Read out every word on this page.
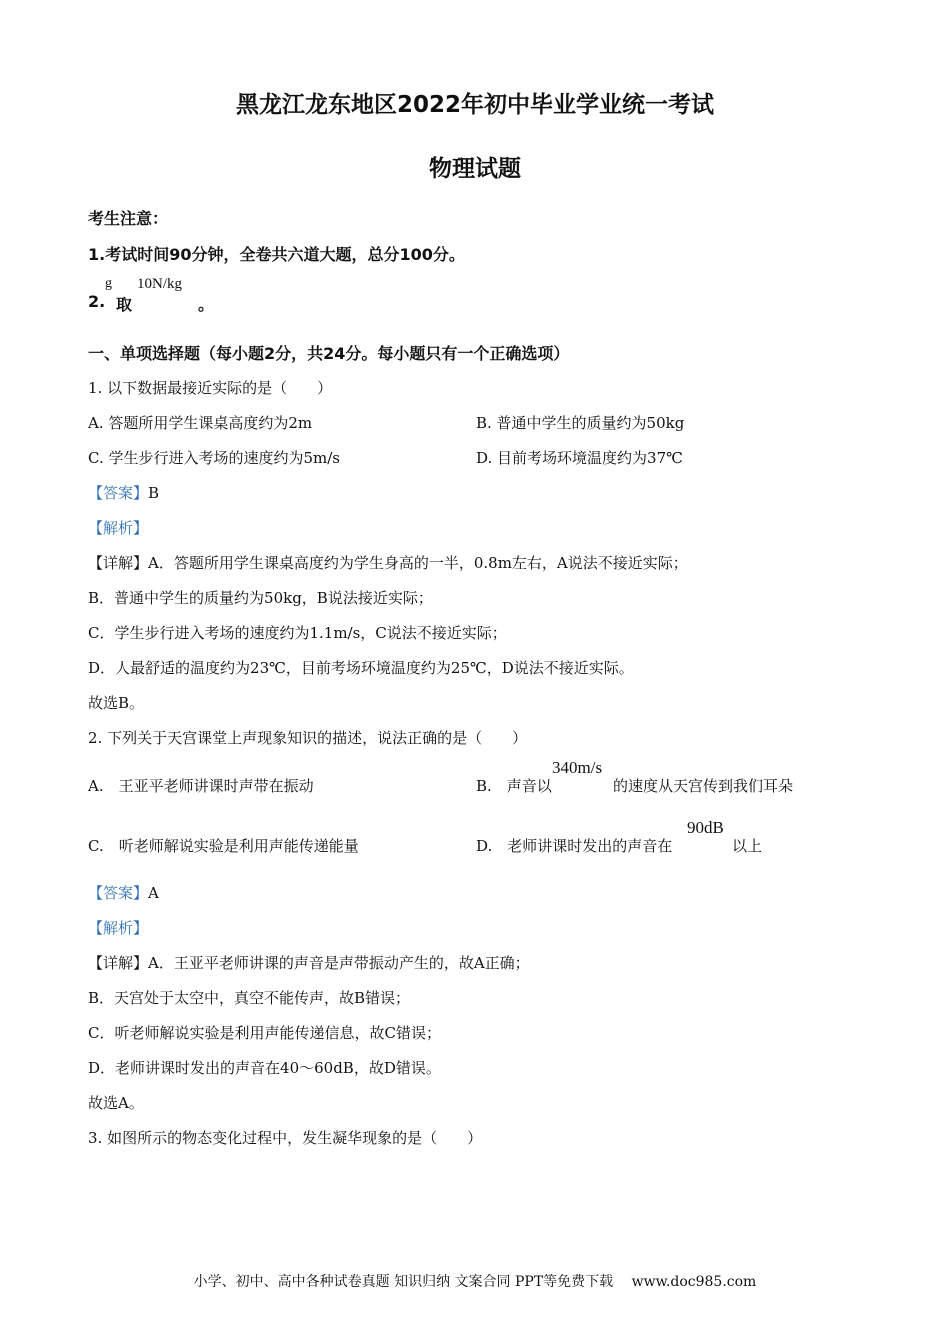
黑龙江龙东地区2022年初中毕业学业统一考试
物理试题
考生注意：
1.考试时间90分钟，全卷共六道大题，总分100分。
2.
g
取
10N/kg
。
一、单项选择题（每小题2分，共24分。每小题只有一个正确选项）
1. 以下数据最接近实际的是（　　）
A. 答题所用学生课桌高度约为2m	B. 普通中学生的质量约为50kg
C. 学生步行进入考场的速度约为5m/s	D. 目前考场环境温度约为37℃
【答案】B
【解析】
【详解】A．答题所用学生课桌高度约为学生身高的一半，0.8m左右，A说法不接近实际；
B．普通中学生的质量约为50kg，B说法接近实际；
C．学生步行进入考场的速度约为1.1m/s，C说法不接近实际；
D．人最舒适的温度约为23℃，目前考场环境温度约为25℃，D说法不接近实际。
故选B。
2. 下列关于天宫课堂上声现象知识的描述，说法正确的是（　　）
A.　王亚平老师讲课时声带在振动	B.　声音以
340m/s
的速度从天宫传到我们耳朵
C.　听老师解说实验是利用声能传递能量	D.　老师讲课时发出的声音在
90dB
以上
【答案】A
【解析】
【详解】A．王亚平老师讲课的声音是声带振动产生的，故A正确；
B．天宫处于太空中，真空不能传声，故B错误；
C．听老师解说实验是利用声能传递信息，故C错误；
D．老师讲课时发出的声音在40～60dB，故D错误。
故选A。
3. 如图所示的物态变化过程中，发生凝华现象的是（　　）
小学、初中、高中各种试卷真题 知识归纳 文案合同 PPT等免费下载　 www.doc985.com
